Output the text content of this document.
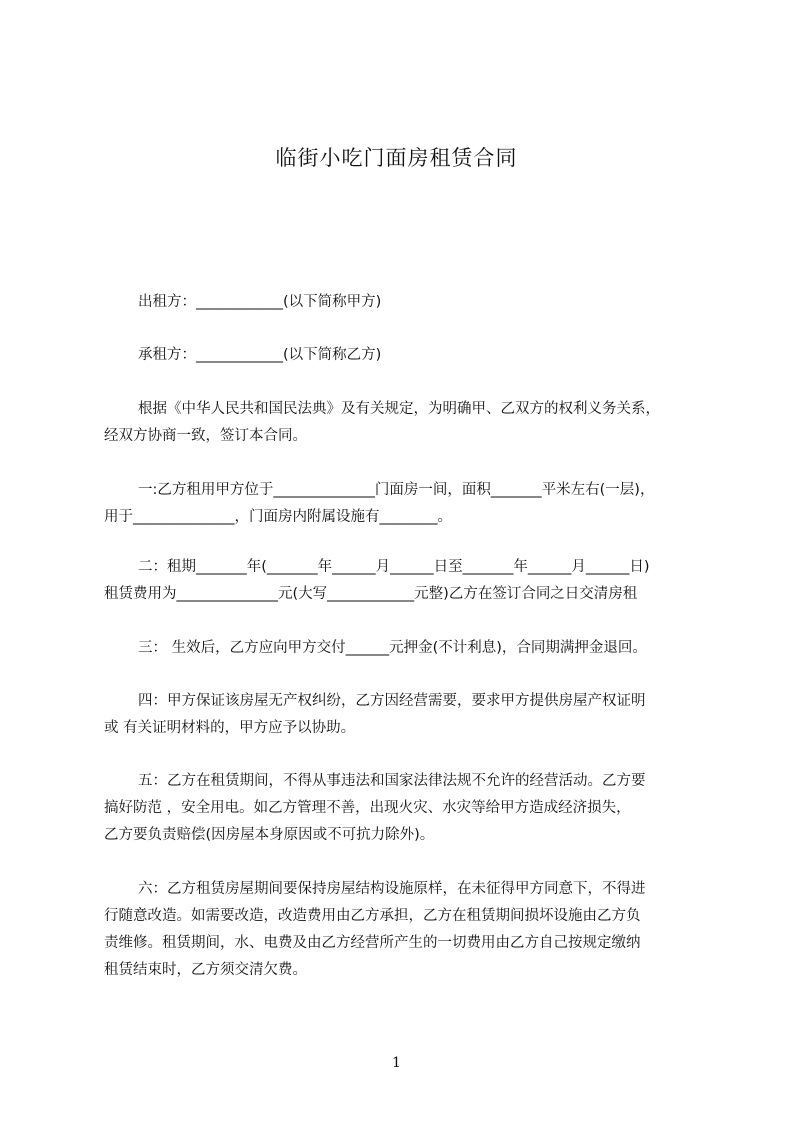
临街小吃门面房租赁合同
出租方：____________(以下简称甲方)
承租方：____________(以下简称乙方)
根据《中华人民共和国民法典》及有关规定，为明确甲、乙双方的权利义务关系，
经双方协商一致，签订本合同。
一:乙方租用甲方位于______________门面房一间，面积_______平米左右(一层)，
用于______________，门面房内附属设施有________。
二：租期_______年(_______年______月______日至_______年______月______日)
租赁费用为______________元(大写____________元整)乙方在签订合同之日交清房租
三： 生效后，乙方应向甲方交付______元押金(不计利息)，合同期满押金退回。
四：甲方保证该房屋无产权纠纷，乙方因经营需要，要求甲方提供房屋产权证明
或 有关证明材料的，甲方应予以协助。
五：乙方在租赁期间，不得从事违法和国家法律法规不允许的经营活动。乙方要
搞好防范 ，安全用电。如乙方管理不善，出现火灾、水灾等给甲方造成经济损失，
乙方要负责赔偿(因房屋本身原因或不可抗力除外)。
六：乙方租赁房屋期间要保持房屋结构设施原样，在未征得甲方同意下，不得进
行随意改造。如需要改造，改造费用由乙方承担，乙方在租赁期间损坏设施由乙方负
责维修。租赁期间，水、电费及由乙方经营所产生的一切费用由乙方自己按规定缴纳
租赁结束时，乙方须交清欠费。
1
